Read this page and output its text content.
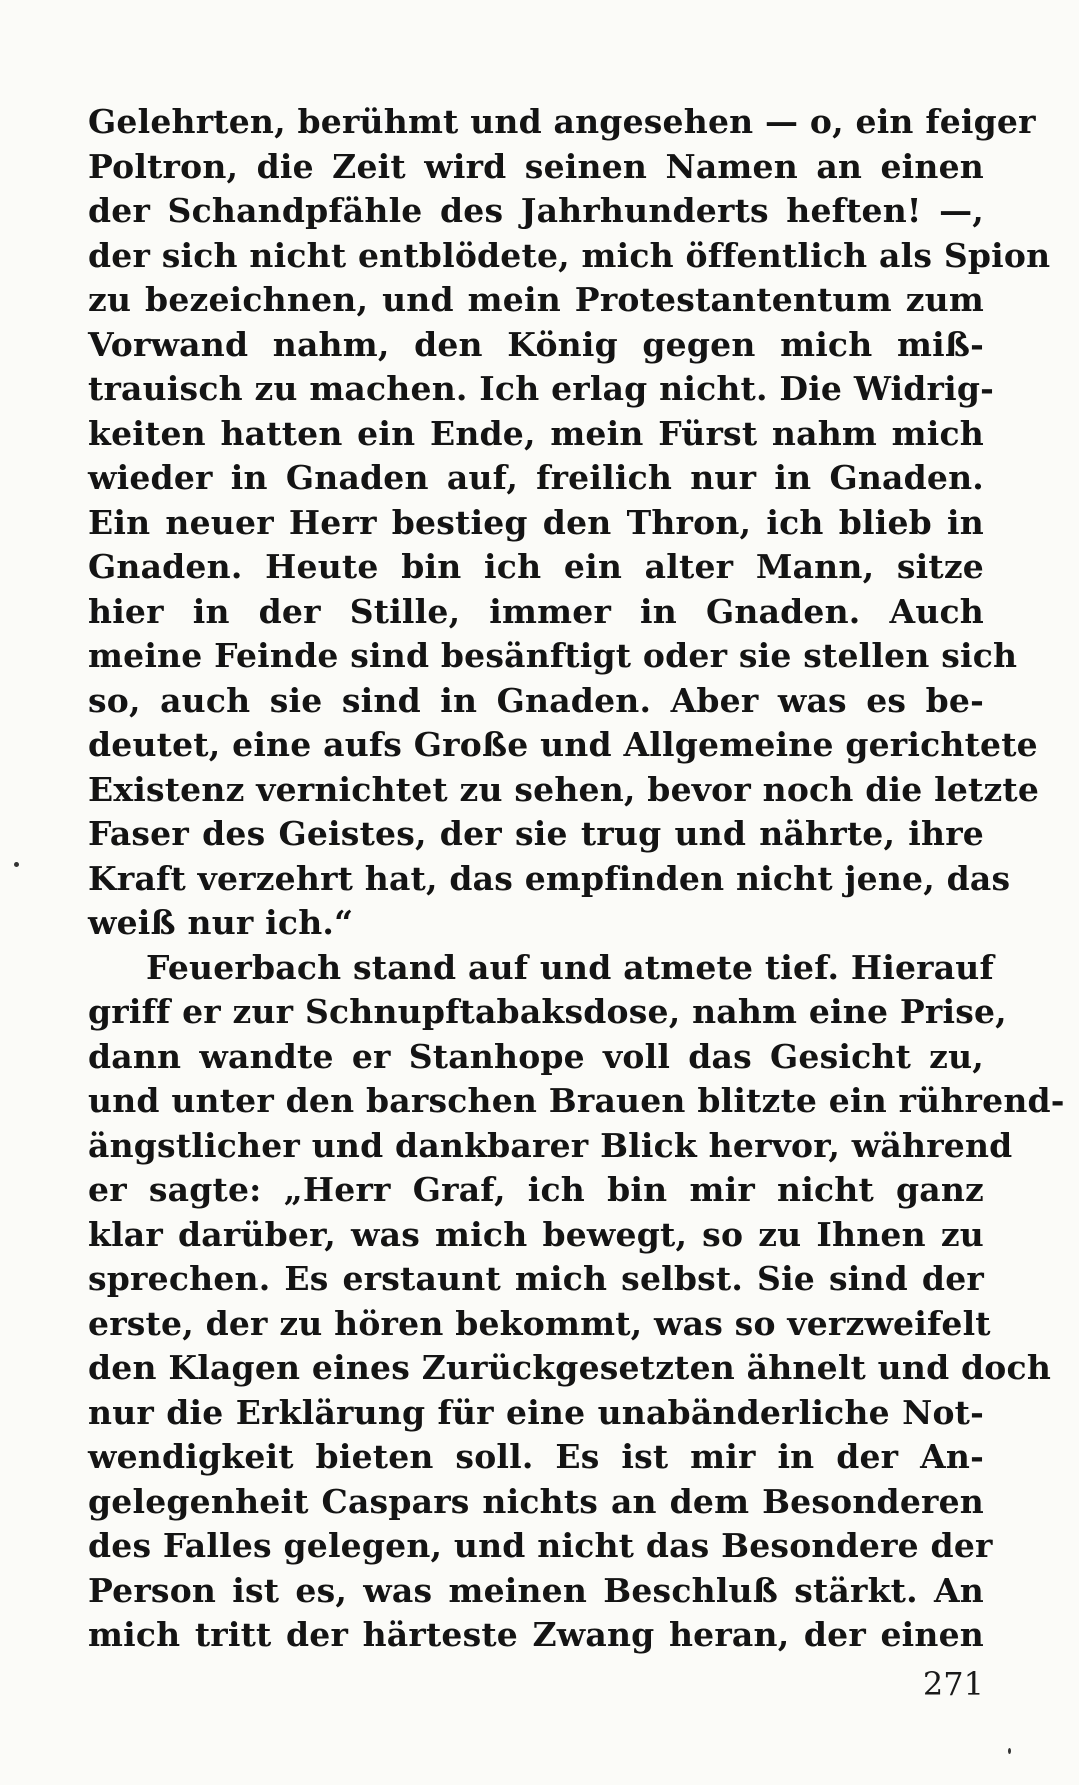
Gelehrten, berühmt und angesehen — o, ein feiger
Poltron, die Zeit wird seinen Namen an einen
der Schandpfähle des Jahrhunderts heften! —,
der sich nicht entblödete, mich öffentlich als Spion
zu bezeichnen, und mein Protestantentum zum
Vorwand nahm, den König gegen mich miß-
trauisch zu machen. Ich erlag nicht. Die Widrig-
keiten hatten ein Ende, mein Fürst nahm mich
wieder in Gnaden auf, freilich nur in Gnaden.
Ein neuer Herr bestieg den Thron, ich blieb in
Gnaden. Heute bin ich ein alter Mann, sitze
hier in der Stille, immer in Gnaden. Auch
meine Feinde sind besänftigt oder sie stellen sich
so, auch sie sind in Gnaden. Aber was es be-
deutet, eine aufs Große und Allgemeine gerichtete
Existenz vernichtet zu sehen, bevor noch die letzte
Faser des Geistes, der sie trug und nährte, ihre
Kraft verzehrt hat, das empfinden nicht jene, das
weiß nur ich.“
Feuerbach stand auf und atmete tief. Hierauf
griff er zur Schnupftabaksdose, nahm eine Prise,
dann wandte er Stanhope voll das Gesicht zu,
und unter den barschen Brauen blitzte ein rührend-
ängstlicher und dankbarer Blick hervor, während
er sagte: „Herr Graf, ich bin mir nicht ganz
klar darüber, was mich bewegt, so zu Ihnen zu
sprechen. Es erstaunt mich selbst. Sie sind der
erste, der zu hören bekommt, was so verzweifelt
den Klagen eines Zurückgesetzten ähnelt und doch
nur die Erklärung für eine unabänderliche Not-
wendigkeit bieten soll. Es ist mir in der An-
gelegenheit Caspars nichts an dem Besonderen
des Falles gelegen, und nicht das Besondere der
Person ist es, was meinen Beschluß stärkt. An
mich tritt der härteste Zwang heran, der einen
271
